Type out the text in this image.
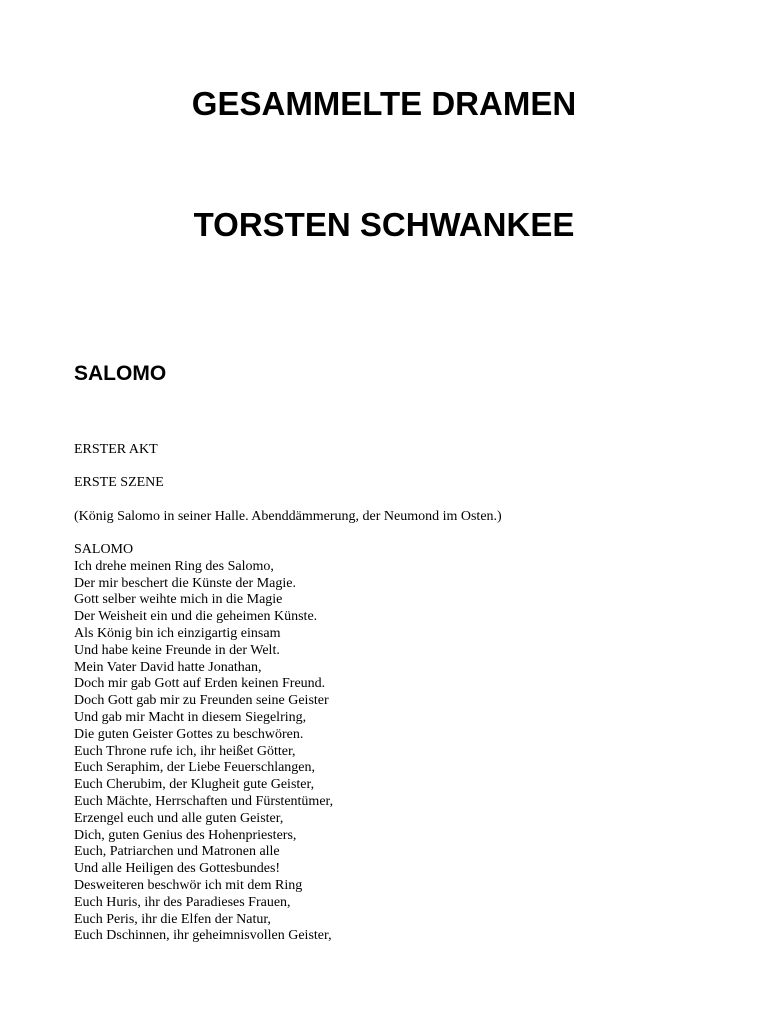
GESAMMELTE DRAMEN
TORSTEN SCHWANKEE
SALOMO

ERSTER AKT

ERSTE SZENE

(König Salomo in seiner Halle. Abenddämmerung, der Neumond im Osten.)

SALOMO
Ich drehe meinen Ring des Salomo,
Der mir beschert die Künste der Magie.
Gott selber weihte mich in die Magie
Der Weisheit ein und die geheimen Künste.
Als König bin ich einzigartig einsam
Und habe keine Freunde in der Welt.
Mein Vater David hatte Jonathan,
Doch mir gab Gott auf Erden keinen Freund.
Doch Gott gab mir zu Freunden seine Geister
Und gab mir Macht in diesem Siegelring,
Die guten Geister Gottes zu beschwören.
Euch Throne rufe ich, ihr heißet Götter,
Euch Seraphim, der Liebe Feuerschlangen,
Euch Cherubim, der Klugheit gute Geister,
Euch Mächte, Herrschaften und Fürstentümer,
Erzengel euch und alle guten Geister,
Dich, guten Genius des Hohenpriesters,
Euch, Patriarchen und Matronen alle
Und alle Heiligen des Gottesbundes!
Desweiteren beschwör ich mit dem Ring
Euch Huris, ihr des Paradieses Frauen,
Euch Peris, ihr die Elfen der Natur,
Euch Dschinnen, ihr geheimnisvollen Geister,
